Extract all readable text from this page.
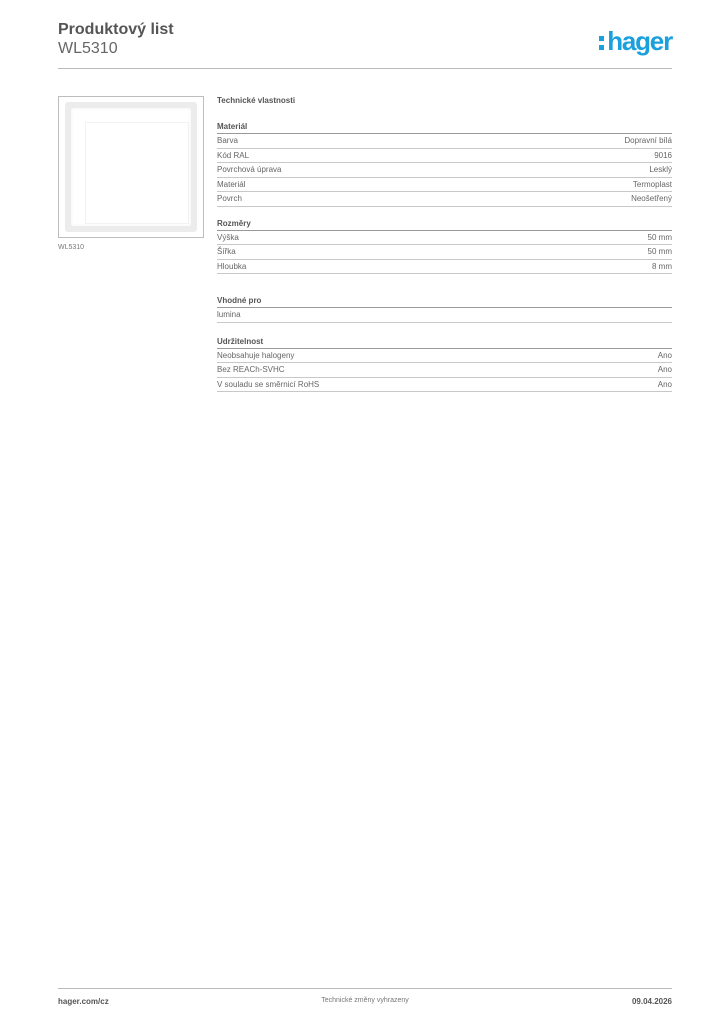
Produktový list
WL5310	hager
WL5310
Technické vlastnosti
Materiál
Barva	Dopravní bílá
Kód RAL	9016
Povrchová úprava	Lesklý
Materiál	Termoplast
Povrch	Neošetřený
Rozměry
Výška	50 mm
Šířka	50 mm
Hloubka	8 mm
Vhodné pro
lumina
Udržitelnost
Neobsahuje halogeny	Ano
Bez REACh-SVHC	Ano
V souladu se směrnicí RoHS	Ano
hager.com/cz	Technické změny vyhrazeny	09.04.2026
